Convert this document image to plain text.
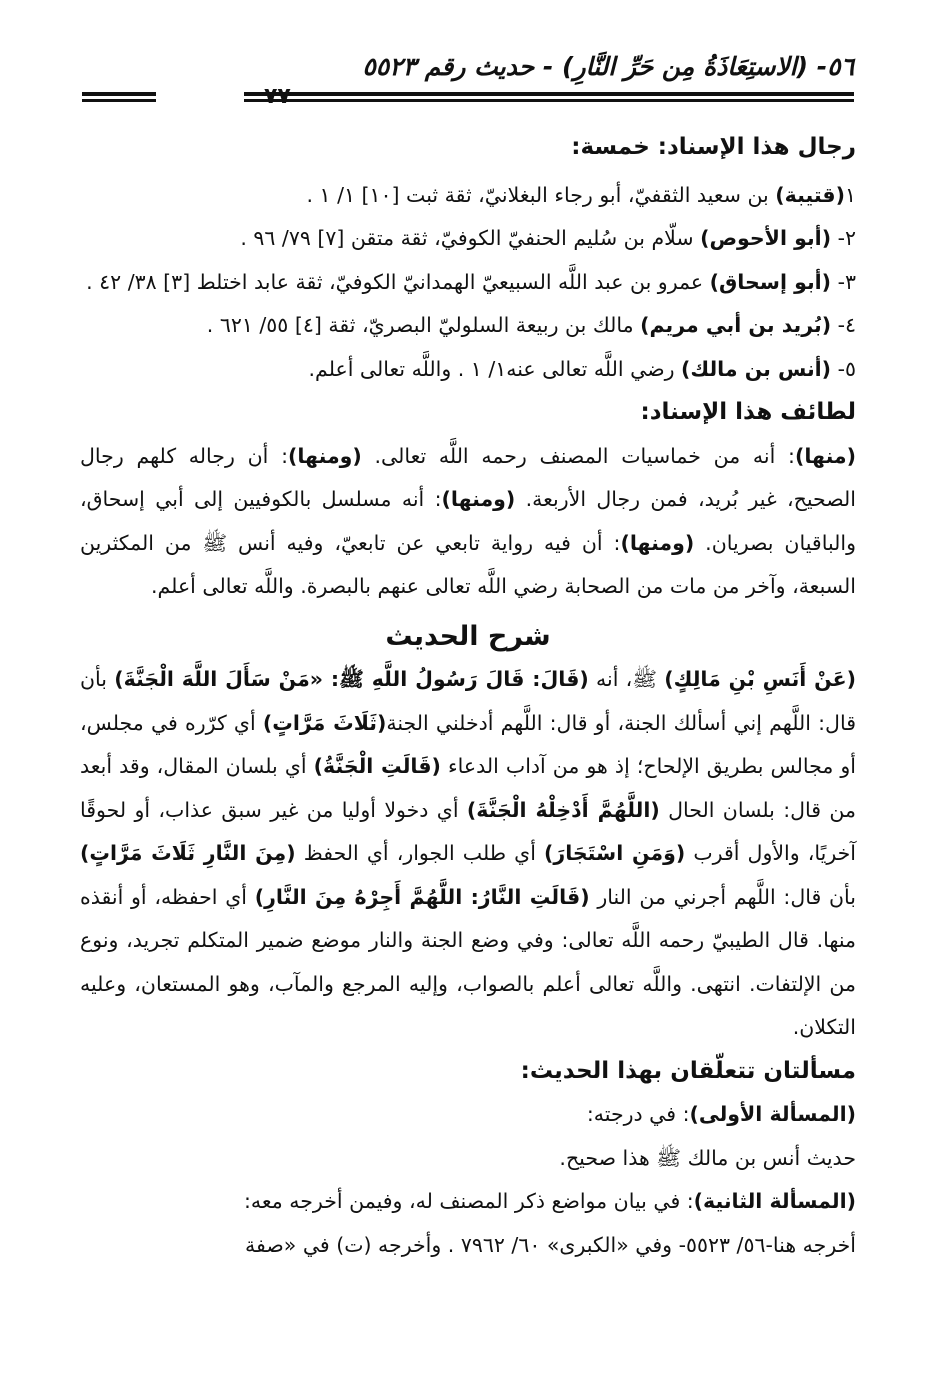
٥٦- (الاستِعَاذَةُ مِن حَرِّ النَّارِ) - حديث رقم ٥٥٢٣
٧٧
رجال هذا الإسناد: خمسة:
١(قتيبة) بن سعيد الثقفيّ، أبو رجاء البغلانيّ، ثقة ثبت [١٠] ١/ ١ .
٢- (أبو الأحوص) سلّام بن سُليم الحنفيّ الكوفيّ، ثقة متقن [٧] ٧٩/ ٩٦ .
٣- (أبو إسحاق) عمرو بن عبد اللَّه السبيعيّ الهمدانيّ الكوفيّ، ثقة عابد اختلط [٣] ٣٨/ ٤٢ .
٤- (بُريد بن أبي مريم) مالك بن ربيعة السلوليّ البصريّ، ثقة [٤] ٥٥/ ٦٢١ .
٥- (أنس بن مالك) رضي اللَّه تعالى عنه١/ ١ . واللَّه تعالى أعلم.
لطائف هذا الإسناد:

(منها): أنه من خماسيات المصنف رحمه اللَّه تعالى. (ومنها): أن رجاله كلهم رجال الصحيح، غير بُريد، فمن رجال الأربعة. (ومنها): أنه مسلسل بالكوفيين إلى أبي إسحاق، والباقيان بصريان. (ومنها): أن فيه رواية تابعي عن تابعيّ، وفيه أنس ﷺ من المكثرين السبعة، وآخر من مات من الصحابة رضي اللَّه تعالى عنهم بالبصرة. واللَّه تعالى أعلم.

شرح الحديث

(عَنْ أَنَسِ بْنِ مَالِكٍ) ﷺ، أنه (قَالَ: قَالَ رَسُولُ اللَّهِ ﷺ: «مَنْ سَأَلَ اللَّهَ الْجَنَّةَ) بأن قال: اللَّهم إني أسألك الجنة، أو قال: اللَّهم أدخلني الجنة(ثَلَاثَ مَرَّاتٍ) أي كرّره في مجلس، أو مجالس بطريق الإلحاح؛ إذ هو من آداب الدعاء (قَالَتِ الْجَنَّةُ) أي بلسان المقال، وقد أبعد من قال: بلسان الحال (اللَّهُمَّ أَدْخِلْهُ الْجَنَّةَ) أي دخولا أوليا من غير سبق عذاب، أو لحوقًا آخريًا، والأول أقرب (وَمَنِ اسْتَجَارَ) أي طلب الجوار، أي الحفظ (مِنَ النَّارِ ثَلَاثَ مَرَّاتٍ) بأن قال: اللَّهم أجرني من النار (قَالَتِ النَّارُ: اللَّهُمَّ أَجِرْهُ مِنَ النَّارِ) أي احفظه، أو أنقذه منها. قال الطيبيّ رحمه اللَّه تعالى: وفي وضع الجنة والنار موضع ضمير المتكلم تجريد، ونوع من الإلتفات. انتهى. واللَّه تعالى أعلم بالصواب، وإليه المرجع والمآب، وهو المستعان، وعليه التكلان.

مسألتان تتعلّقان بهذا الحديث:

(المسألة الأولى): في درجته:

حديث أنس بن مالك ﷺ هذا صحيح.

(المسألة الثانية): في بيان مواضع ذكر المصنف له، وفيمن أخرجه معه:

أخرجه هنا-٥٦/ ٥٥٢٣- وفي «الكبرى» ٦٠/ ٧٩٦٢ . وأخرجه (ت) في «صفة
